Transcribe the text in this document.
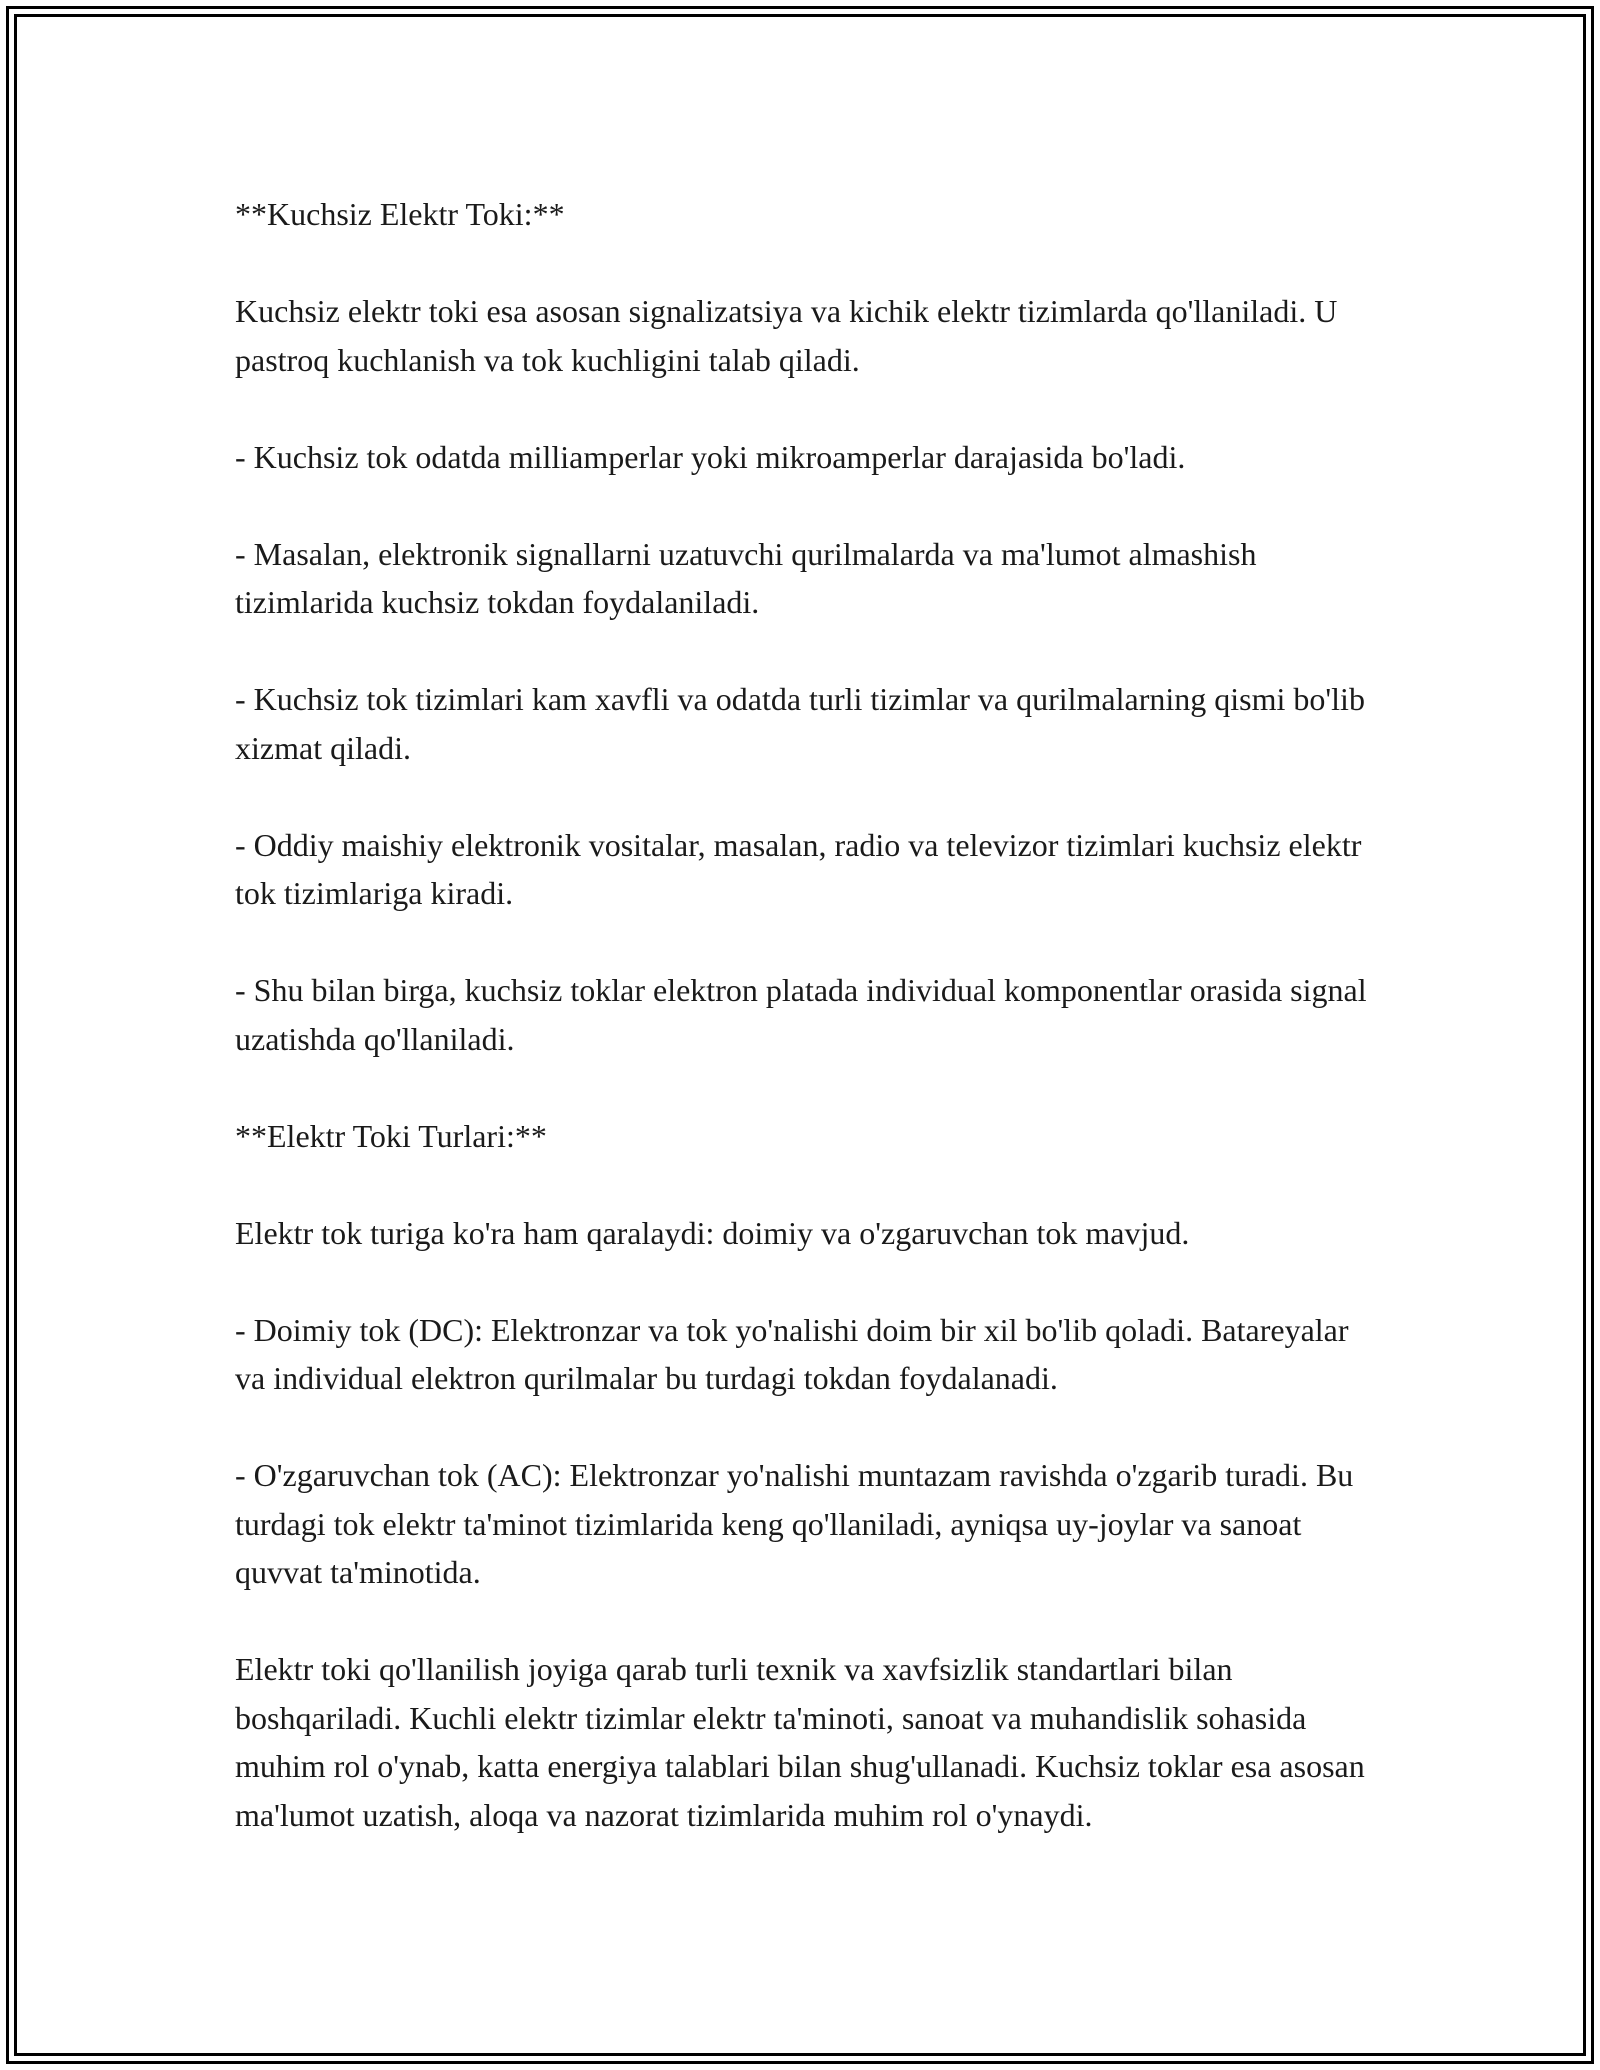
**Kuchsiz Elektr Toki:**

Kuchsiz elektr toki esa asosan signalizatsiya va kichik elektr tizimlarda qo'llaniladi. U pastroq kuchlanish va tok kuchligini talab qiladi.

- Kuchsiz tok odatda milliamperlar yoki mikroamperlar darajasida bo'ladi.

- Masalan, elektronik signallarni uzatuvchi qurilmalarda va ma'lumot almashish tizimlarida kuchsiz tokdan foydalaniladi.

- Kuchsiz tok tizimlari kam xavfli va odatda turli tizimlar va qurilmalarning qismi bo'lib xizmat qiladi.

- Oddiy maishiy elektronik vositalar, masalan, radio va televizor tizimlari kuchsiz elektr tok tizimlariga kiradi.

- Shu bilan birga, kuchsiz toklar elektron platada individual komponentlar orasida signal uzatishda qo'llaniladi.

**Elektr Toki Turlari:**

Elektr tok turiga ko'ra ham qaralaydi: doimiy va o'zgaruvchan tok mavjud.

- Doimiy tok (DC): Elektronzar va tok yo'nalishi doim bir xil bo'lib qoladi. Batareyalar va individual elektron qurilmalar bu turdagi tokdan foydalanadi.

- O'zgaruvchan tok (AC): Elektronzar yo'nalishi muntazam ravishda o'zgarib turadi. Bu turdagi tok elektr ta'minot tizimlarida keng qo'llaniladi, ayniqsa uy-joylar va sanoat quvvat ta'minotida.

Elektr toki qo'llanilish joyiga qarab turli texnik va xavfsizlik standartlari bilan boshqariladi. Kuchli elektr tizimlar elektr ta'minoti, sanoat va muhandislik sohasida muhim rol o'ynab, katta energiya talablari bilan shug'ullanadi. Kuchsiz toklar esa asosan ma'lumot uzatish, aloqa va nazorat tizimlarida muhim rol o'ynaydi.
